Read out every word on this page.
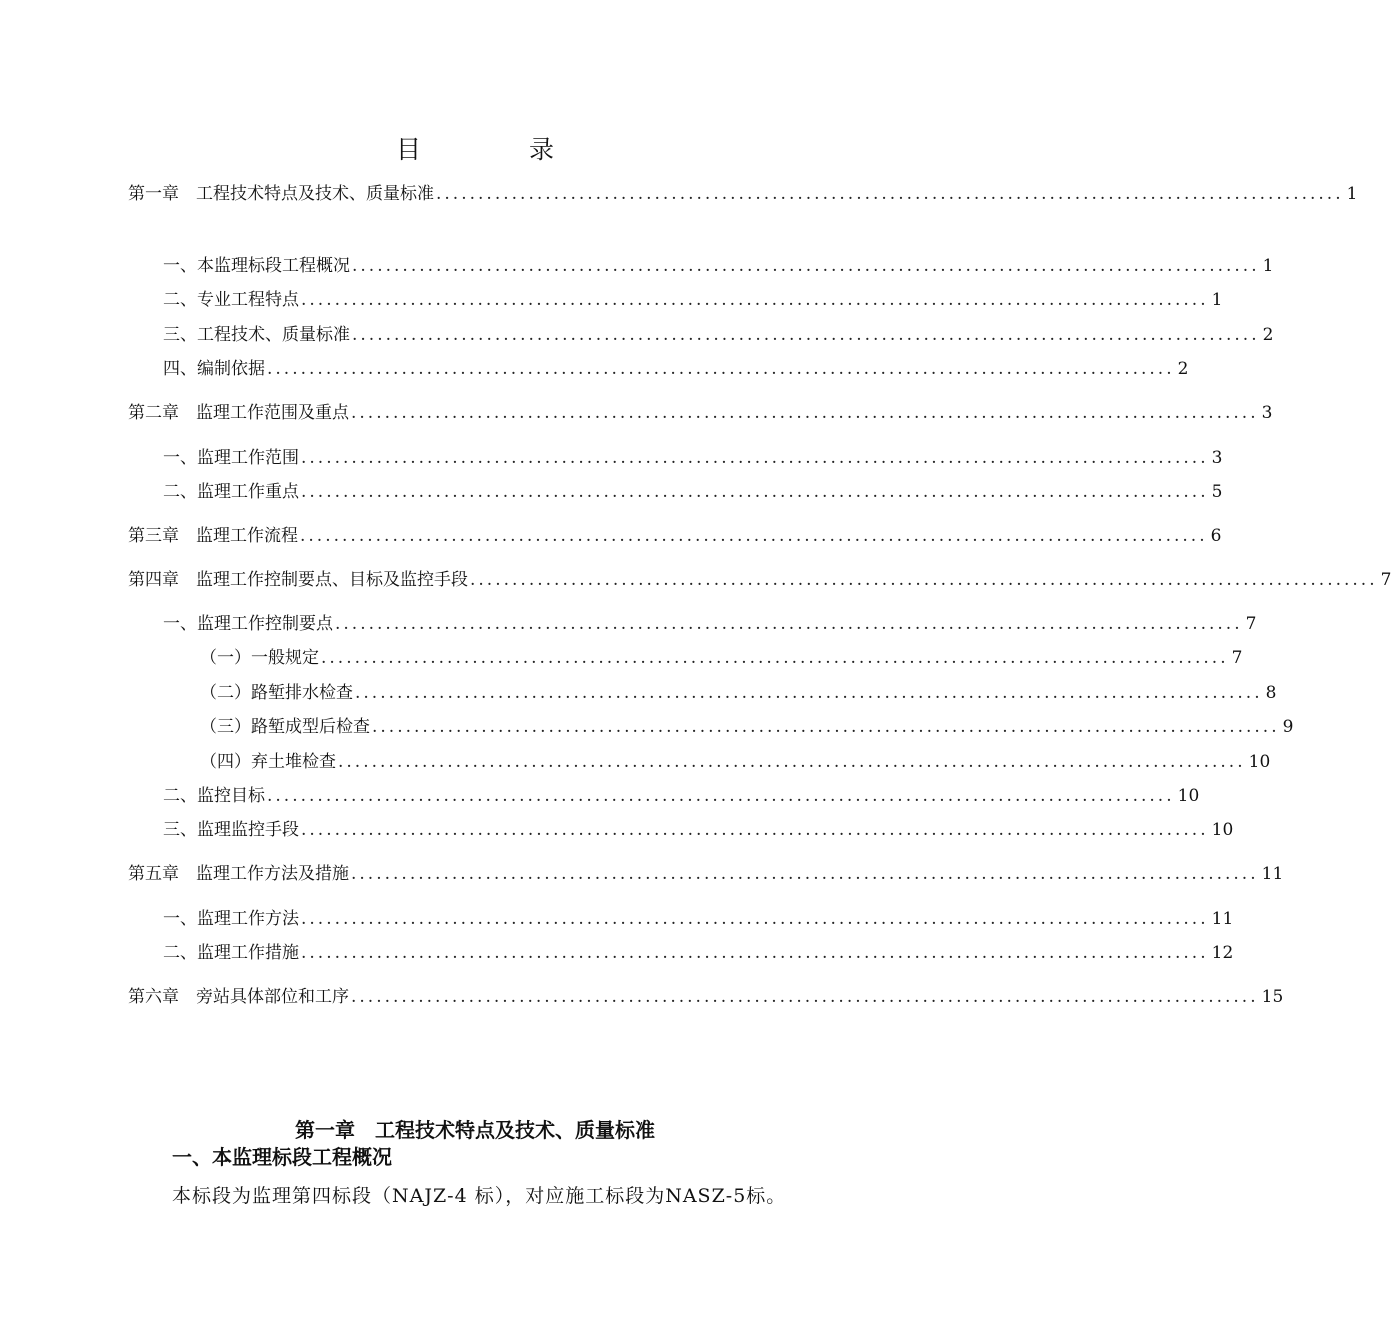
目 录
第一章　工程技术特点及技术、质量标准 ............................................................................................................ 1
一、本监理标段工程概况 ............................................................................................................ 1
二、专业工程特点 ............................................................................................................ 1
三、工程技术、质量标准 ............................................................................................................ 2
四、编制依据 ............................................................................................................ 2
第二章　监理工作范围及重点 ............................................................................................................ 3
一、监理工作范围 ............................................................................................................ 3
二、监理工作重点 ............................................................................................................ 5
第三章　监理工作流程 ............................................................................................................ 6
第四章　监理工作控制要点、目标及监控手段 ............................................................................................................ 7
一、监理工作控制要点 ............................................................................................................ 7
（一）一般规定 ............................................................................................................ 7
（二）路堑排水检查 ............................................................................................................ 8
（三）路堑成型后检查 ............................................................................................................ 9
（四）弃土堆检查 ............................................................................................................ 10
二、监控目标 ............................................................................................................ 10
三、监理监控手段 ............................................................................................................ 10
第五章　监理工作方法及措施 ............................................................................................................ 11
一、监理工作方法 ............................................................................................................ 11
二、监理工作措施 ............................................................................................................ 12
第六章　旁站具体部位和工序 ............................................................................................................ 15
第一章　工程技术特点及技术、质量标准
一、本监理标段工程概况
本标段为监理第四标段（NAJZ-4 标），对应施工标段为NASZ-5标。
